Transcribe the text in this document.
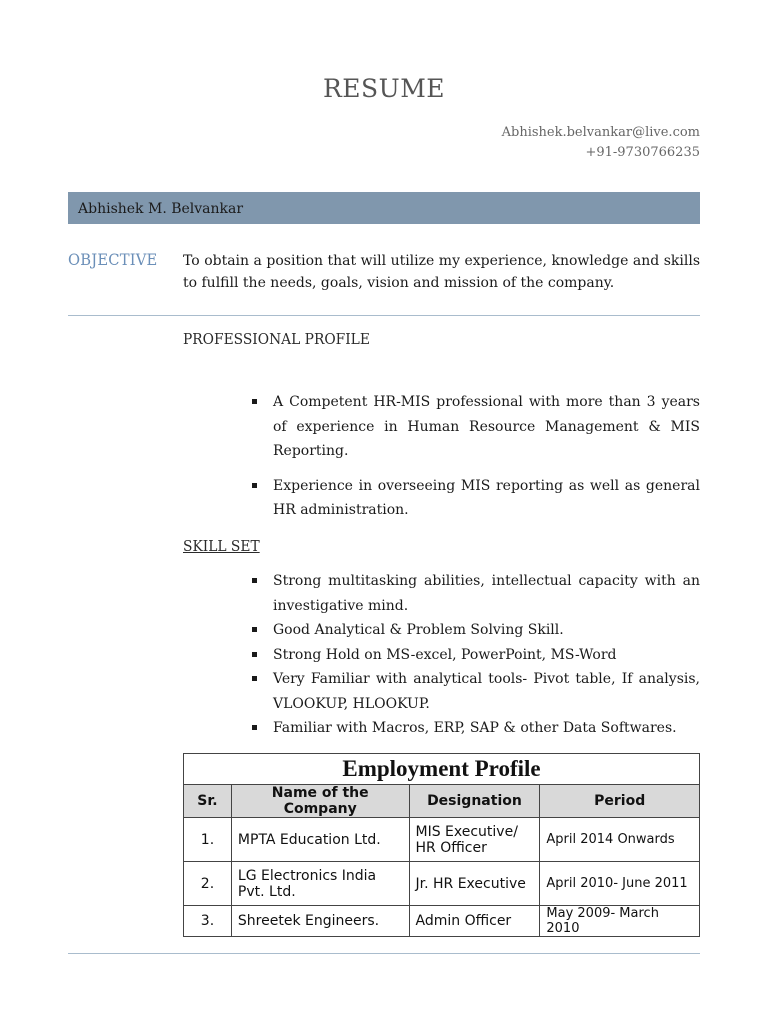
RESUME
Abhishek.belvankar@live.com
+91-9730766235
Abhishek M. Belvankar
OBJECTIVE To obtain a position that will utilize my experience, knowledge and skills to fulfill the needs, goals, vision and mission of the company.
PROFESSIONAL PROFILE
A Competent HR-MIS professional with more than 3 years of experience in Human Resource Management & MIS Reporting.
Experience in overseeing MIS reporting as well as general HR administration.
SKILL SET
Strong multitasking abilities, intellectual capacity with an investigative mind.
Good Analytical & Problem Solving Skill.
Strong Hold on MS-excel, PowerPoint, MS-Word
Very Familiar with analytical tools- Pivot table, If analysis, VLOOKUP, HLOOKUP.
Familiar with Macros, ERP, SAP & other Data Softwares.
Employment Profile			
Sr.	Name of the Company	Designation	Period
1.	MPTA Education Ltd.	MIS Executive/ HR Officer	April 2014 Onwards
2.	LG Electronics India Pvt. Ltd.	Jr. HR Executive	April 2010- June 2011
3.	Shreetek Engineers.	Admin Officer	May 2009- March 2010
